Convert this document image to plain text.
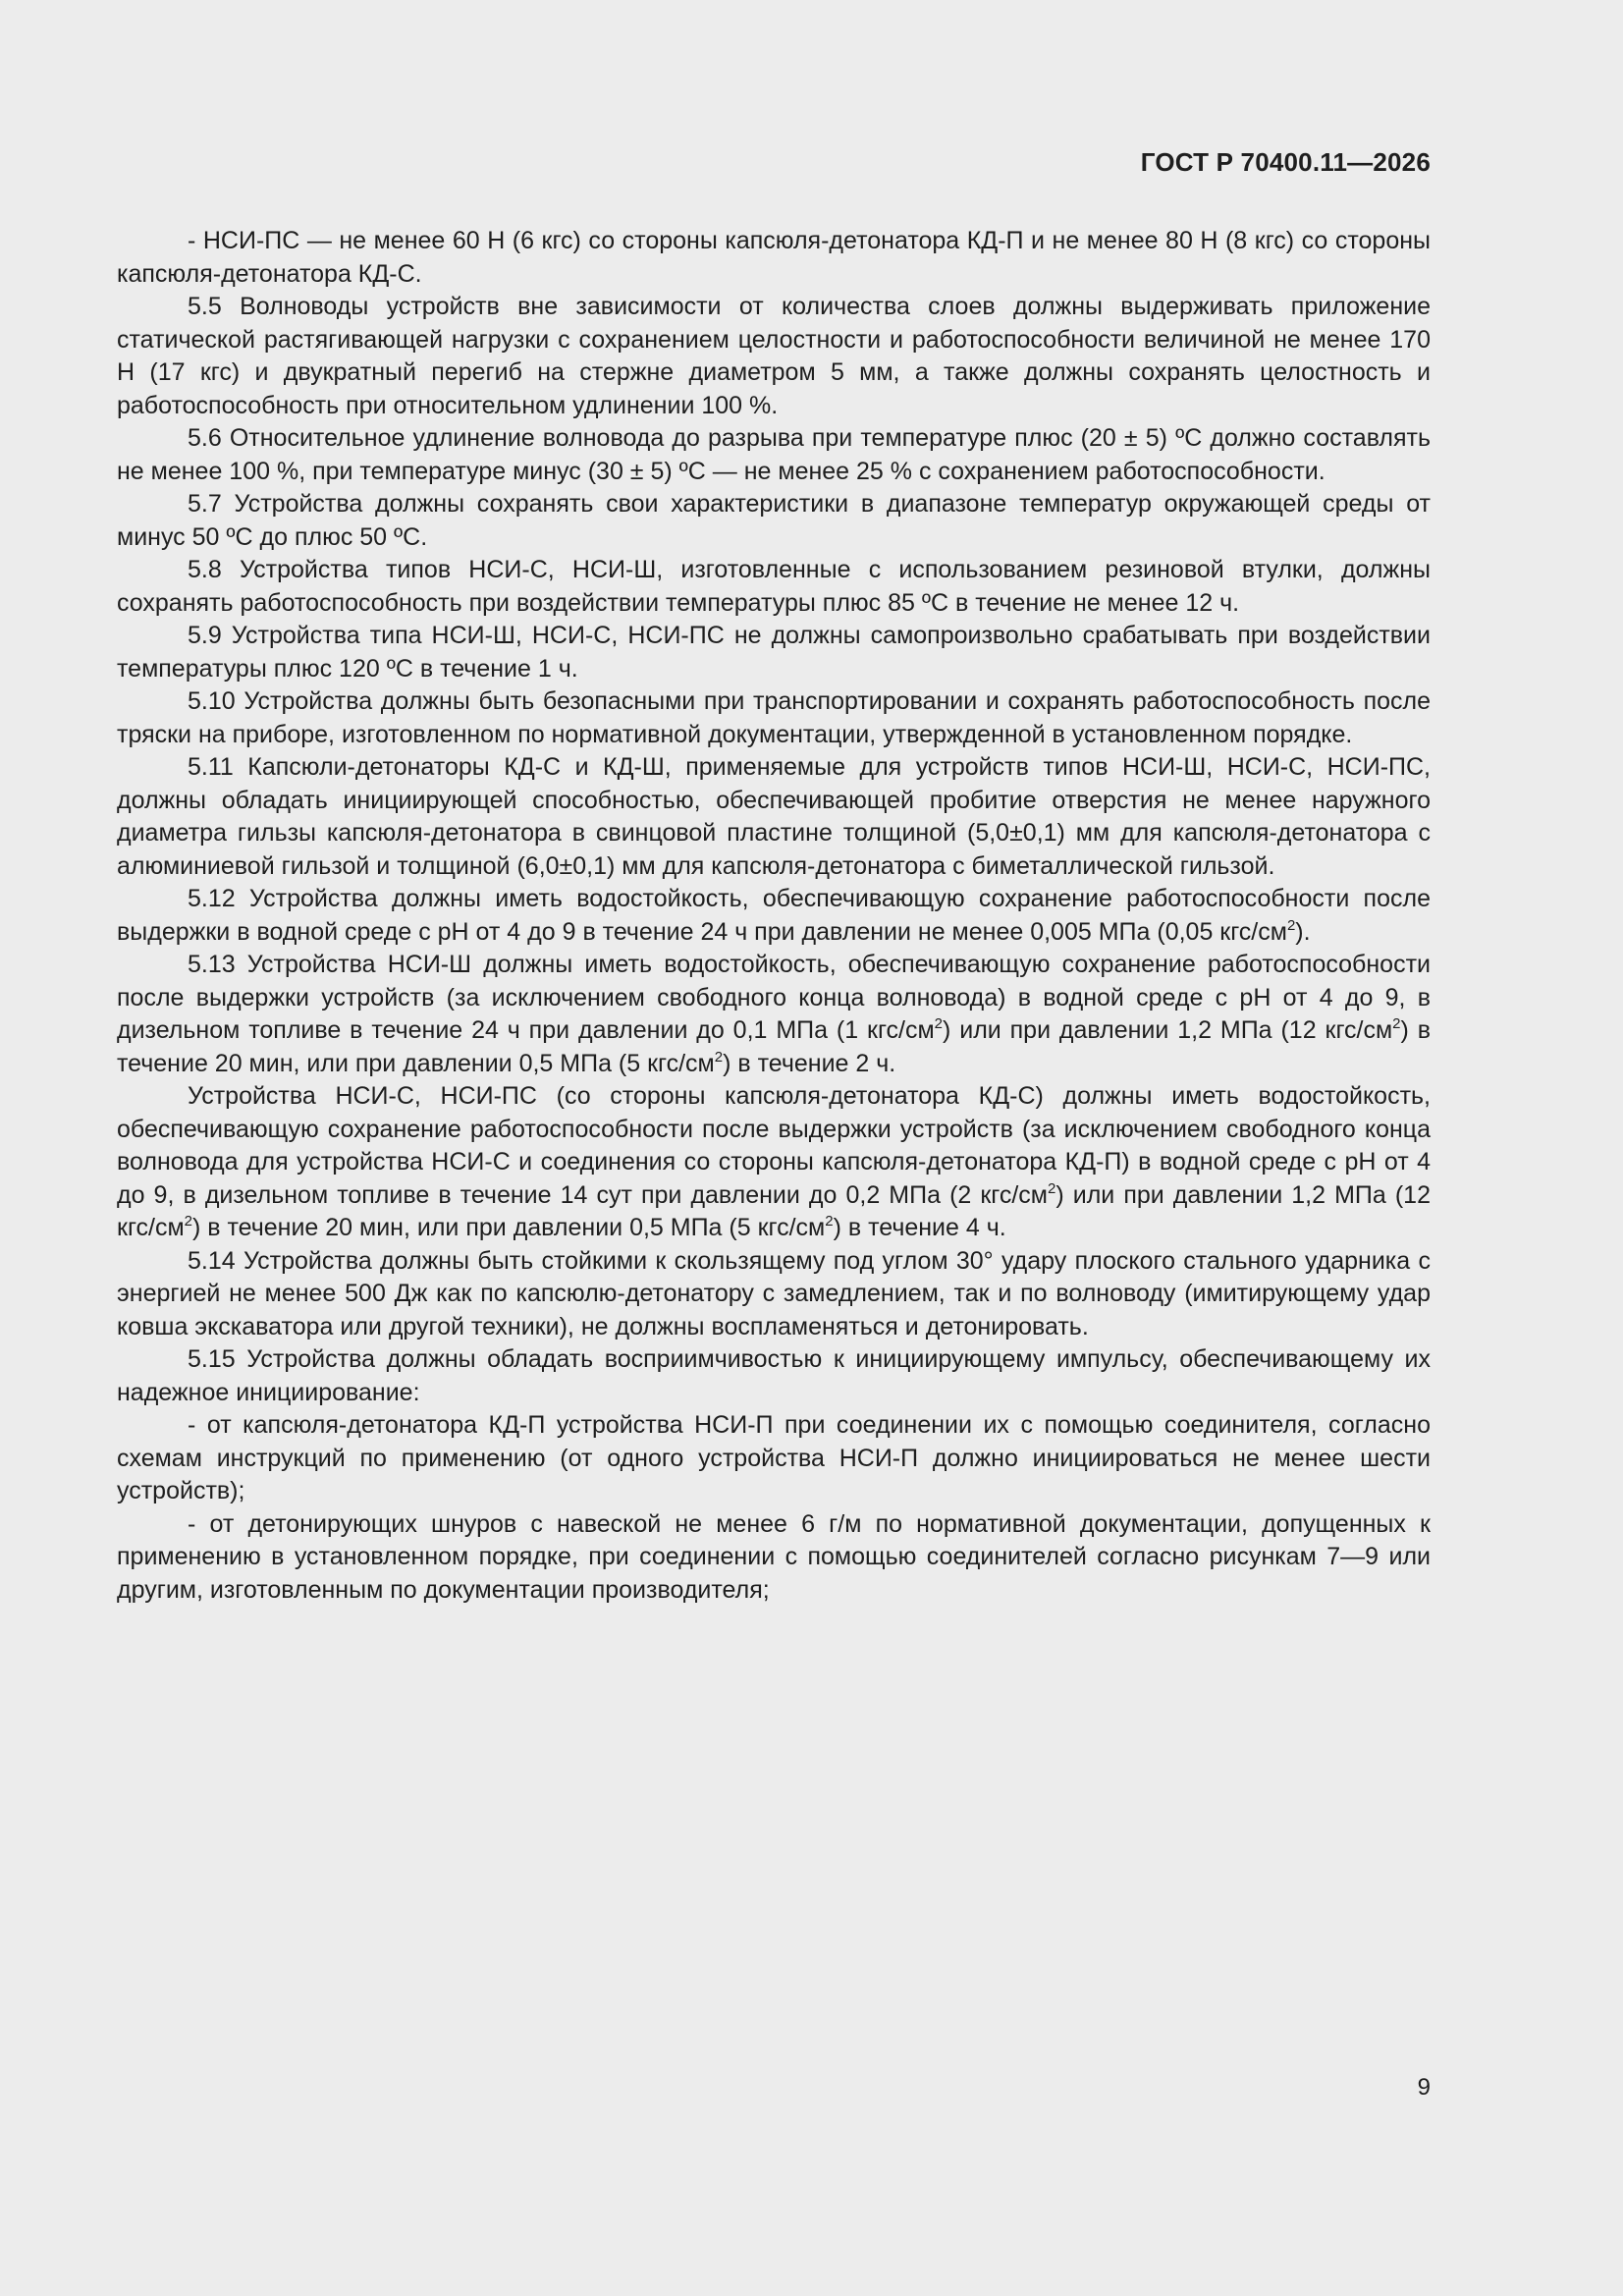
ГОСТ Р 70400.11—2026

- НСИ-ПС — не менее 60 Н (6 кгс) со стороны капсюля-детонатора КД-П и не менее 80 Н (8 кгс) со стороны капсюля-детонатора КД-С.

5.5 Волноводы устройств вне зависимости от количества слоев должны выдерживать приложение статической растягивающей нагрузки с сохранением целостности и работоспособности величиной не менее 170 Н (17 кгс) и двукратный перегиб на стержне диаметром 5 мм, а также должны сохранять целостность и работоспособность при относительном удлинении 100 %.

5.6 Относительное удлинение волновода до разрыва при температуре плюс (20 ± 5) ºС должно составлять не менее 100 %, при температуре минус (30 ± 5) ºС — не менее 25 % с сохранением работоспособности.

5.7 Устройства должны сохранять свои характеристики в диапазоне температур окружающей среды от минус 50 ºС до плюс 50 ºС.

5.8 Устройства типов НСИ-С, НСИ-Ш, изготовленные с использованием резиновой втулки, должны сохранять работоспособность при воздействии температуры плюс 85 ºС в течение не менее 12 ч.

5.9 Устройства типа НСИ-Ш, НСИ-С, НСИ-ПС не должны самопроизвольно срабатывать при воздействии температуры плюс 120 ºС в течение 1 ч.

5.10 Устройства должны быть безопасными при транспортировании и сохранять работоспособность после тряски на приборе, изготовленном по нормативной документации, утвержденной в установленном порядке.

5.11 Капсюли-детонаторы КД-С и КД-Ш, применяемые для устройств типов НСИ-Ш, НСИ-С, НСИ-ПС, должны обладать инициирующей способностью, обеспечивающей пробитие отверстия не менее наружного диаметра гильзы капсюля-детонатора в свинцовой пластине толщиной (5,0±0,1) мм для капсюля-детонатора с алюминиевой гильзой и толщиной (6,0±0,1) мм для капсюля-детонатора с биметаллической гильзой.

5.12 Устройства должны иметь водостойкость, обеспечивающую сохранение работоспособности после выдержки в водной среде с рН от 4 до 9 в течение 24 ч при давлении не менее 0,005 МПа (0,05 кгс/$см^2$).

5.13 Устройства НСИ-Ш должны иметь водостойкость, обеспечивающую сохранение работоспособности после выдержки устройств (за исключением свободного конца волновода) в водной среде с рН от 4 до 9, в дизельном топливе в течение 24 ч при давлении до 0,1 МПа (1 кгс/$см^2$) или при давлении 1,2 МПа (12 кгс/$см^2$) в течение 20 мин, или при давлении 0,5 МПа (5 кгс/$см^2$) в течение 2 ч.

Устройства НСИ-С, НСИ-ПС (со стороны капсюля-детонатора КД-С) должны иметь водостойкость, обеспечивающую сохранение работоспособности после выдержки устройств (за исключением свободного конца волновода для устройства НСИ-С и соединения со стороны капсюля-детонатора КД-П) в водной среде с рН от 4 до 9, в дизельном топливе в течение 14 сут при давлении до 0,2 МПа (2 кгс/$см^2$) или при давлении 1,2 МПа (12 кгс/$см^2$) в течение 20 мин, или при давлении 0,5 МПа (5 кгс/$см^2$) в течение 4 ч.

5.14 Устройства должны быть стойкими к скользящему под углом 30° удару плоского стального ударника с энергией не менее 500 Дж как по капсюлю-детонатору с замедлением, так и по волноводу (имитирующему удар ковша экскаватора или другой техники), не должны воспламеняться и детонировать.

5.15 Устройства должны обладать восприимчивостью к инициирующему импульсу, обеспечивающему их надежное инициирование:

- от капсюля-детонатора КД-П устройства НСИ-П при соединении их с помощью соединителя, согласно схемам инструкций по применению (от одного устройства НСИ-П должно инициироваться не менее шести устройств);

- от детонирующих шнуров с навеской не менее 6 г/м по нормативной документации, допущенных к применению в установленном порядке, при соединении с помощью соединителей согласно рисункам 7—9 или другим, изготовленным по документации производителя;

9
